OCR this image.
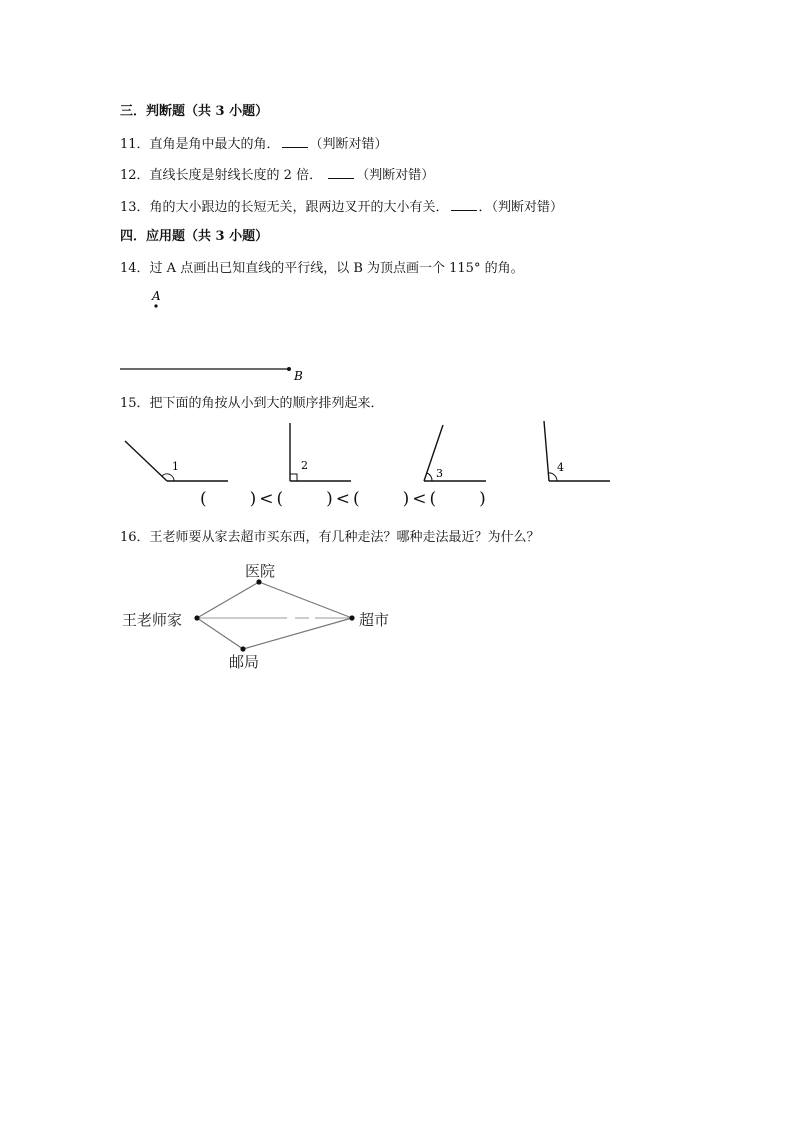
三．判断题（共 3 小题）
11．直角是角中最大的角． （判断对错）
12．直线长度是射线长度的 2 倍．	（判断对错）
13．角的大小跟边的长短无关，跟两边叉开的大小有关． ．（判断对错）
四．应用题（共 3 小题）
14．过 A 点画出已知直线的平行线，以 B 为顶点画一个 115° 的角。
A
B
15．把下面的角按从小到大的顺序排列起来．
1	2
3	4
(　　)<(　　)<(　　)<(　　)
16．王老师要从家去超市买东西，有几种走法？哪种走法最近？为什么？
王老师家
医院
邮局
超市
